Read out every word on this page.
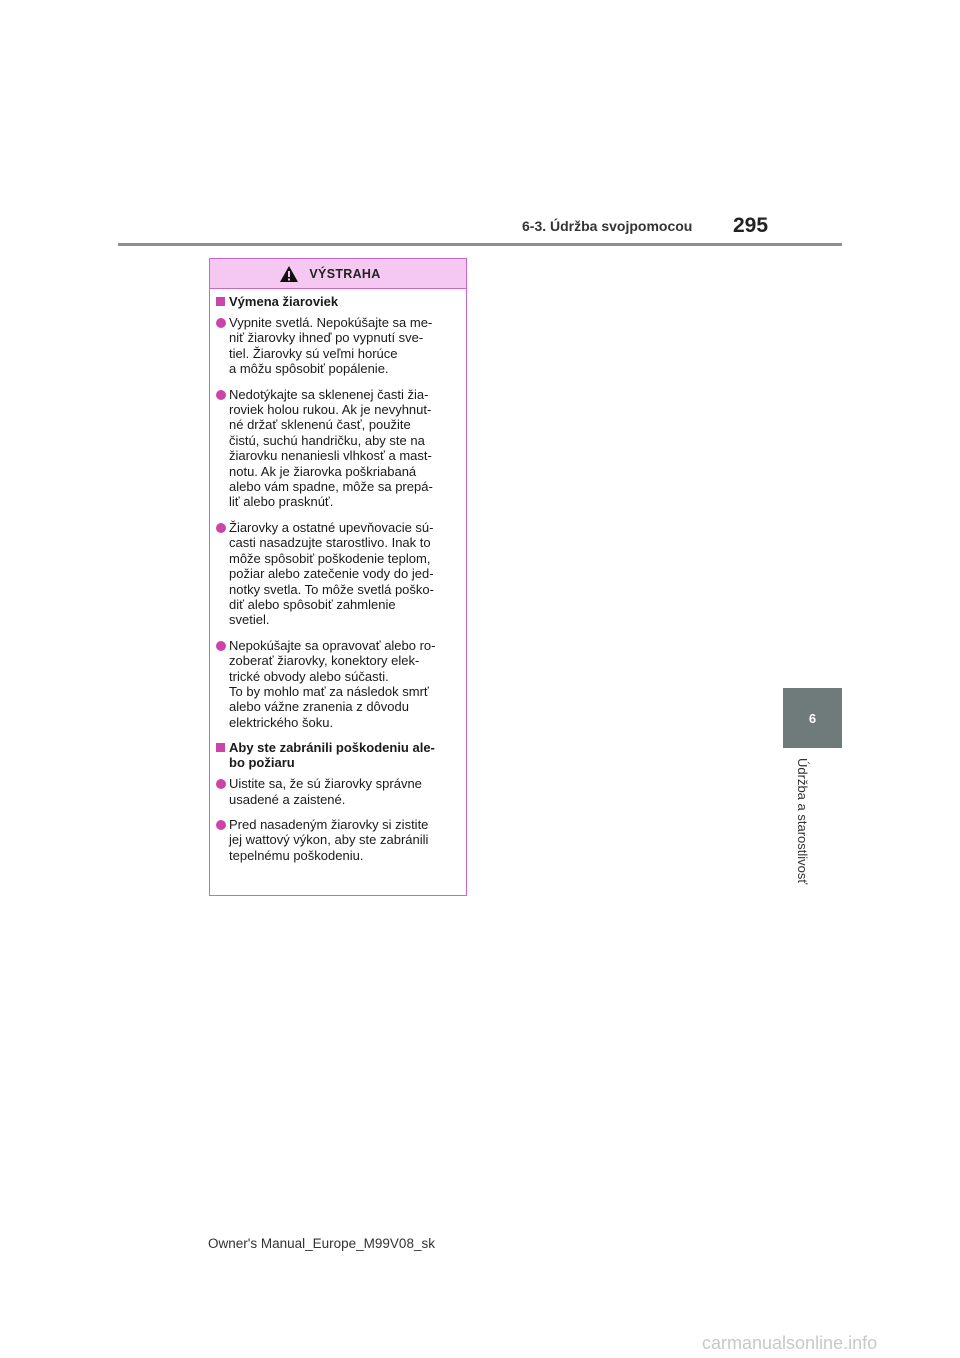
6-3. Údržba svojpomocou 295
6
Údržba a starostlivosť
VÝSTRAHA
Výmena žiaroviek
Vypnite svetlá. Nepokúšajte sa me-
niť žiarovky ihneď po vypnutí sve-
tiel. Žiarovky sú veľmi horúce
a môžu spôsobiť popálenie.
Nedotýkajte sa sklenenej časti žia-
roviek holou rukou. Ak je nevyhnut-
né držať sklenenú časť, použite
čistú, suchú handričku, aby ste na
žiarovku nenaniesli vlhkosť a mast-
notu. Ak je žiarovka poškriabaná
alebo vám spadne, môže sa prepá-
liť alebo prasknúť.
Žiarovky a ostatné upevňovacie sú-
casti nasadzujte starostlivo. Inak to
môže spôsobiť poškodenie teplom,
požiar alebo zatečenie vody do jed-
notky svetla. To môže svetlá poško-
diť alebo spôsobiť zahmlenie
svetiel.
Nepokúšajte sa opravovať alebo ro-
zoberať žiarovky, konektory elek-
trické obvody alebo súčasti.
To by mohlo mať za následok smrť
alebo vážne zranenia z dôvodu
elektrického šoku.
Aby ste zabránili poškodeniu ale-
bo požiaru
Uistite sa, že sú žiarovky správne
usadené a zaistené.
Pred nasadeným žiarovky si zistite
jej wattový výkon, aby ste zabránili
tepelnému poškodeniu.
Owner's Manual_Europe_M99V08_sk
carmanualsonline.info
